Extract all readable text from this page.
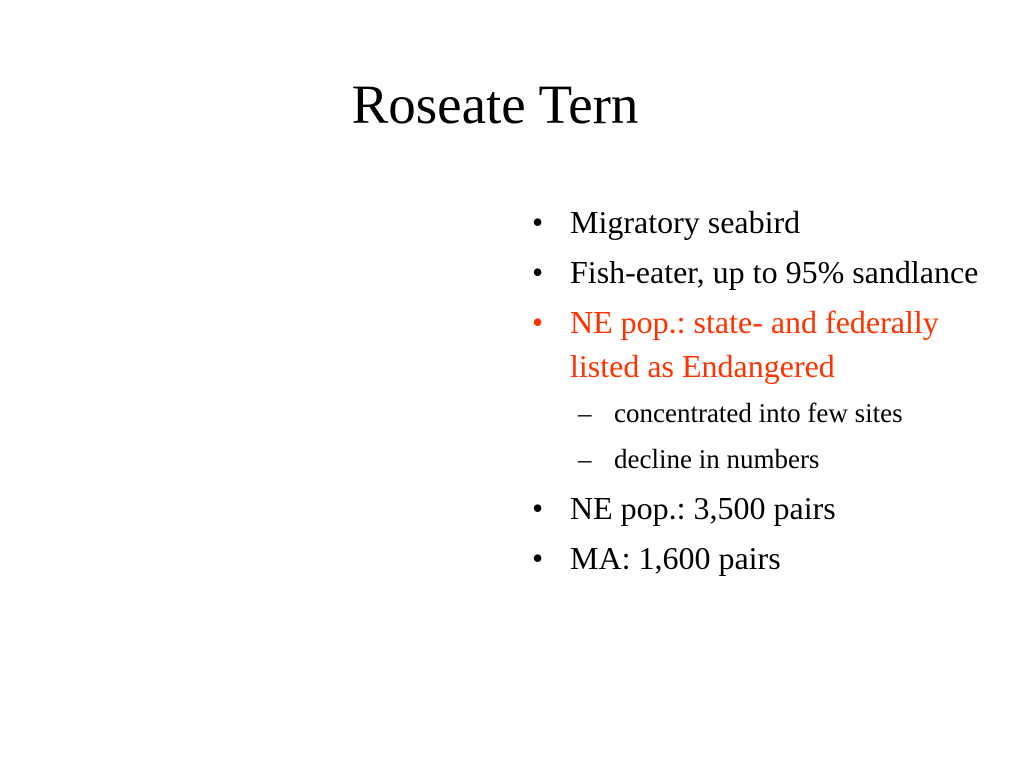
Roseate Tern
• Migratory seabird
• Fish-eater, up to 95% sandlance
• NE pop.: state- and federally listed as Endangered
– concentrated into few sites
– decline in numbers
• NE pop.: 3,500 pairs
• MA: 1,600 pairs
